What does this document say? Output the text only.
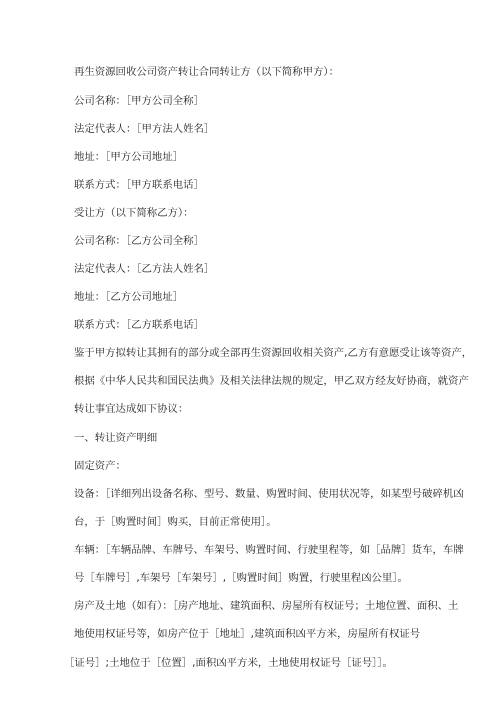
再生资源回收公司资产转让合同转让方（以下简称甲方）：
公司名称：［甲方公司全称］
法定代表人：［甲方法人姓名］
地址：［甲方公司地址］
联系方式：［甲方联系电话］
受让方（以下简称乙方）：
公司名称：［乙方公司全称］
法定代表人：［乙方法人姓名］
地址：［乙方公司地址］
联系方式：［乙方联系电话］
鉴于甲方拟转让其拥有的部分或全部再生资源回收相关资产,乙方有意愿受让该等资产，
根据《中华人民共和国民法典》及相关法律法规的规定，甲乙双方经友好协商，就资产
转让事宜达成如下协议：
一、转让资产明细
固定资产：
设备：［详细列出设备名称、型号、数量、购置时间、使用状况等，如某型号破碎机凶
台，于［购置时间］购买，目前正常使用］。
车辆：［车辆品牌、车牌号、车架号、购置时间、行驶里程等，如［品牌］货车，车牌
号［车牌号］,车架号［车架号］,［购置时间］购置，行驶里程凶公里］。
房产及土地（如有）：［房产地址、建筑面积、房屋所有权证号；土地位置、面积、土
地使用权证号等，如房产位于［地址］,建筑面积凶平方米，房屋所有权证号
［证号］;土地位于［位置］,面积凶平方米，土地使用权证号［证号］］。
